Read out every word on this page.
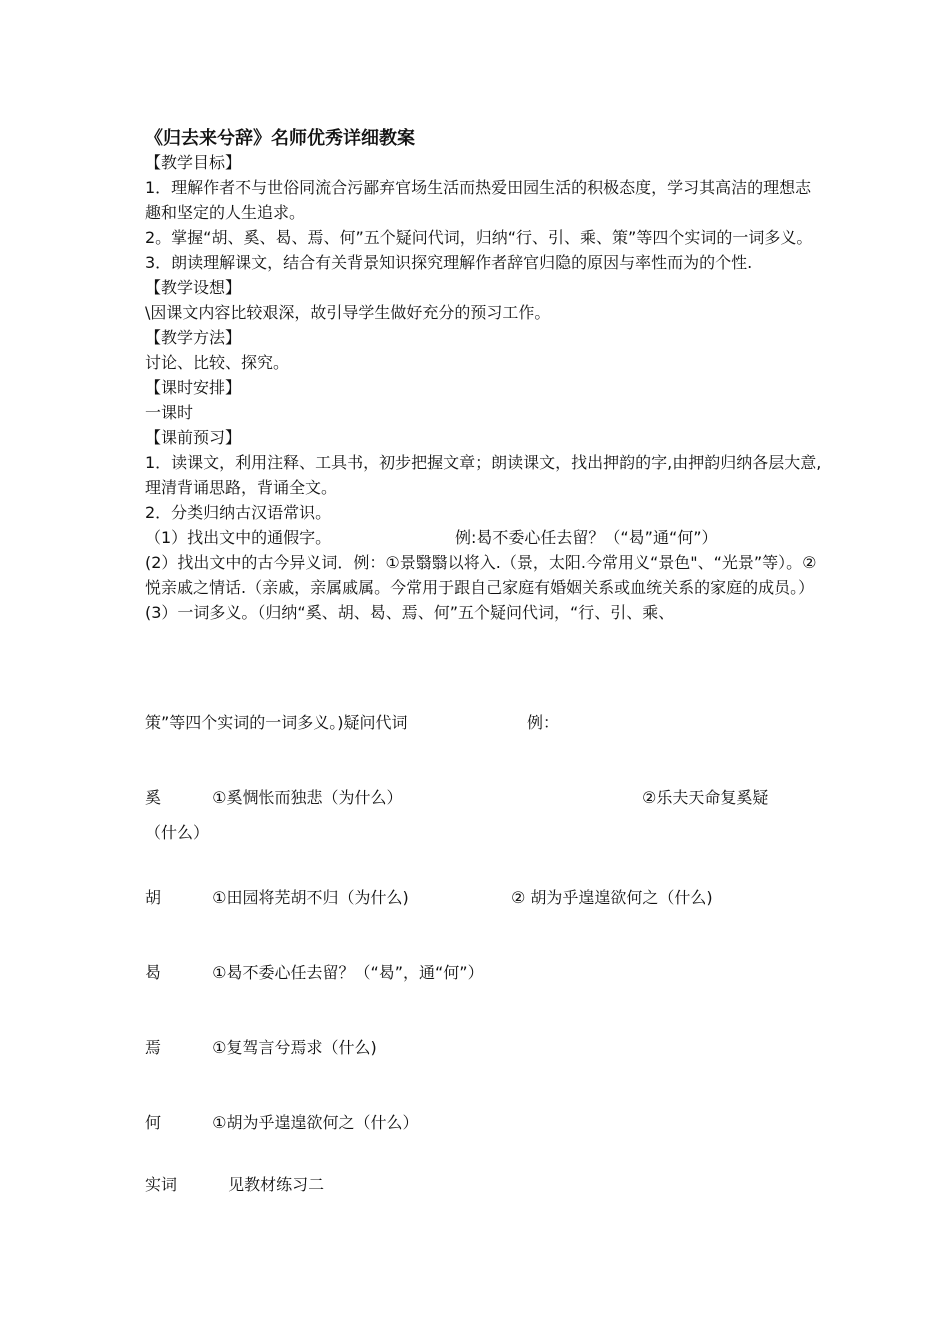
《归去来兮辞》名师优秀详细教案

【教学目标】

1．理解作者不与世俗同流合污鄙弃官场生活而热爱田园生活的积极态度，学习其高洁的理想志趣和坚定的人生追求。

2。掌握“胡、奚、曷、焉、何”五个疑问代词，归纳“行、引、乘、策”等四个实词的一词多义。

3．朗读理解课文，结合有关背景知识探究理解作者辞官归隐的原因与率性而为的个性.

【教学设想】

\因课文内容比较艰深，故引导学生做好充分的预习工作。

【教学方法】

讨论、比较、探究。

【课时安排】

一课时

【课前预习】

1．读课文，利用注释、工具书，初步把握文章；朗读课文，找出押韵的字,由押韵归纳各层大意,理清背诵思路，背诵全文。

2．分类归纳古汉语常识。

（1）找出文中的通假字。	例:曷不委心任去留？（“曷”通“何”）

(2）找出文中的古今异义词．例：①景翳翳以将入.（景，太阳.今常用义“景色"、“光景”等）。②悦亲戚之情话.（亲戚，亲属戚属。今常用于跟自己家庭有婚姻关系或血统关系的家庭的成员。）

(3）一词多义。（归纳“奚、胡、曷、焉、何”五个疑问代词，“行、引、乘、

策”等四个实词的一词多义。)疑问代词	例：
奚	①奚惆怅而独悲（为什么）	②乐夫天命复奚疑
（什么）
胡	①田园将芜胡不归（为什么)	② 胡为乎遑遑欲何之（什么)
曷	①曷不委心任去留？（“曷”，通“何”）
焉	①复驾言兮焉求（什么)
何	①胡为乎遑遑欲何之（什么）
实词	见教材练习二
